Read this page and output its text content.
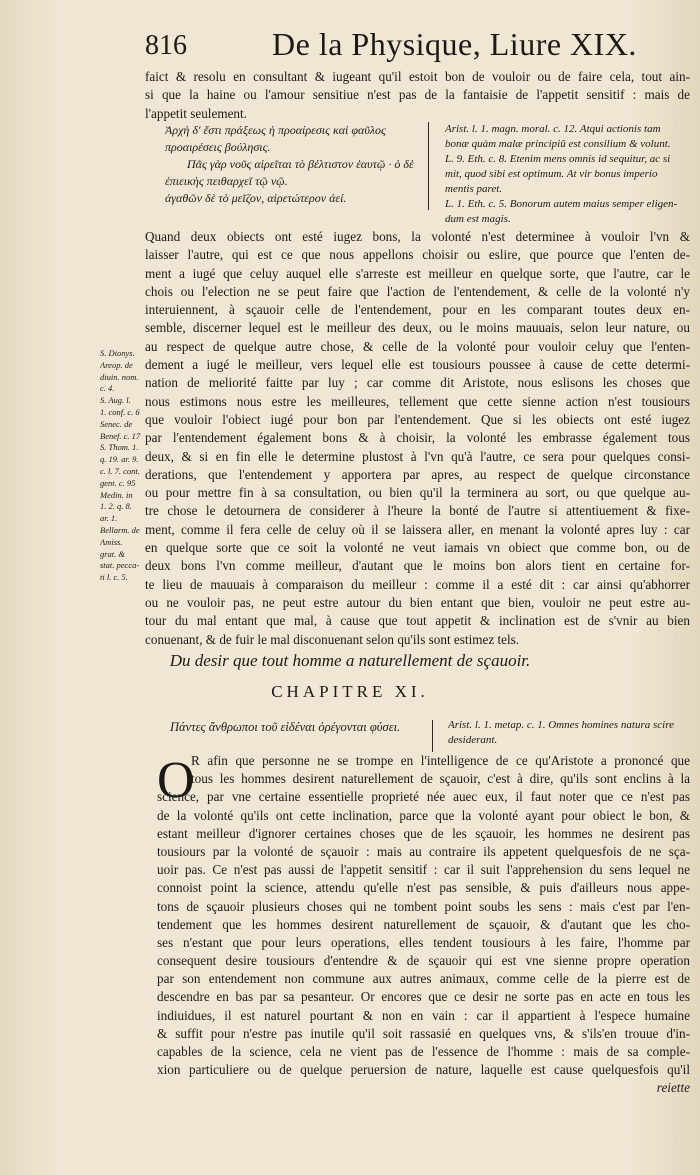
816	De la Physique, Liure XIX.
faict & resolu en consultant & iugeant qu'il estoit bon de vouloir ou de faire cela, tout ain-
si que la haine ou l'amour sensitiue n'est pas de la fantaisie de l'appetit sensitif : mais de
l'appetit seulement.
Ἀρχὴ δ' ἔστι πράξεως ἡ προαίρεσις καὶ φαῦλος
προαιρέσεις βούλησις.
Πᾶς γὰρ νοῦς αἱρεῖται τὸ βέλτιστον ἑαυτῷ · ὁ δὲ
ἐπιεικὴς πειθαρχεῖ τῷ νῷ.
ἀγαθῶν δὲ τὸ μεῖζον, αἱρετώτερον ἀεί.
Arist. l. 1. magn. moral. c. 12. Atqui actionis tam
bonæ quàm malæ principiū est consilium & volunt.
L. 9. Eth. c. 8. Etenim mens omnis id sequitur, ac si
mit, quod sibi est optimum. At vir bonus imperio
mentis paret.
L. 1. Eth. c. 5. Bonorum autem maius semper eligen-
dum est magis.
Quand deux obiects ont esté iugez bons, la volonté n'est determinee à vouloir l'vn &
laisser l'autre, qui est ce que nous appellons choisir ou eslire, que pource que l'enten de-
ment a iugé que celuy auquel elle s'arreste est meilleur en quelque sorte, que l'autre, car le
chois ou l'election ne se peut faire que l'action de l'entendement, & celle de la volonté n'y
interuiennent, à sçauoir celle de l'entendement, pour en les comparant toutes deux en-
semble, discerner lequel est le meilleur des deux, ou le moins mauuais, selon leur nature, ou
au respect de quelque autre chose, & celle de la volonté pour vouloir celuy que l'enten-
dement a iugé le meilleur, vers lequel elle est tousiours poussee à cause de cette determi-
nation de meliorité faitte par luy ; car comme dit Aristote, nous eslisons les choses que
nous estimons nous estre les meilleures, tellement que cette sienne action n'est tousiours
que vouloir l'obiect iugé pour bon par l'entendement. Que si les obiects ont esté iugez
par l'entendement également bons & à choisir, la volonté les embrasse également tous
deux, & si en fin elle le determine plustost à l'vn qu'à l'autre, ce sera pour quelques consi-
derations, que l'entendement y apportera par apres, au respect de quelque circonstance
ou pour mettre fin à sa consultation, ou bien qu'il la terminera au sort, ou que quelque au-
tre chose le detournera de considerer à l'heure la bonté de l'autre si attentiuement & fixe-
ment, comme il fera celle de celuy où il se laissera aller, en menant la volonté apres luy : car
en quelque sorte que ce soit la volonté ne veut iamais vn obiect que comme bon, ou de
deux bons l'vn comme meilleur, d'autant que le moins bon alors tient en certaine for-
te lieu de mauuais à comparaison du meilleur : comme il a esté dit : car ainsi qu'abhorrer
ou ne vouloir pas, ne peut estre autour du bien entant que bien, vouloir ne peut estre au-
tour du mal entant que mal, à cause que tout appetit & inclination est de s'vnir au bien
conuenant, & de fuir le mal disconuenant selon qu'ils sont estimez tels.
S. Dionys.
Areop. de
diuin. nom.
c. 4.
S. Aug. l.
1. conf. c. 6
Senec. de
Benef. c. 17
S. Thom. 1.
q. 19. ar. 9.
c. l. 7. cont.
gent. c. 95
Medin. in
1. 2. q. 8.
ar. 1.
Bellarm. de
Amiss.
grat. &
stat. pecca-
ti l. c. 5.
Du desir que tout homme a naturellement de sçauoir.
CHAPITRE XI.
Πάντες ἄνθρωποι τοῦ εἰδέναι ὀρέγονται φύσει.	Arist. l. 1. metap. c. 1. Omnes homines natura scire
desiderant.
O
R afin que personne ne se trompe en l'intelligence de ce qu'Aristote a prononcé que
tous les hommes desirent naturellement de sçauoir, c'est à dire, qu'ils sont enclins à la
science, par vne certaine essentielle proprieté née auec eux, il faut noter que ce n'est pas
de la volonté qu'ils ont cette inclination, parce que la volonté ayant pour obiect le bon, &
estant meilleur d'ignorer certaines choses que de les sçauoir, les hommes ne desirent pas
tousiours par la volonté de sçauoir : mais au contraire ils appetent quelquesfois de ne sça-
uoir pas. Ce n'est pas aussi de l'appetit sensitif : car il suit l'apprehension du sens lequel ne
connoist point la science, attendu qu'elle n'est pas sensible, & puis d'ailleurs nous appe-
tons de sçauoir plusieurs choses qui ne tombent point soubs les sens : mais c'est par l'en-
tendement que les hommes desirent naturellement de sçauoir, & d'autant que les cho-
ses n'estant que pour leurs operations, elles tendent tousiours à les faire, l'homme par
consequent desire tousiours d'entendre & de sçauoir qui est vne sienne propre operation
par son entendement non commune aux autres animaux, comme celle de la pierre est de
descendre en bas par sa pesanteur. Or encores que ce desir ne sorte pas en acte en tous les
indiuidues, il est naturel pourtant & non en vain : car il appartient à l'espece humaine
& suffit pour n'estre pas inutile qu'il soit rassasié en quelques vns, & s'ils'en trouue d'in-
capables de la science, cela ne vient pas de l'essence de l'homme : mais de sa comple-
xion particuliere ou de quelque peruersion de nature, laquelle est cause quelquesfois qu'il
reiette
